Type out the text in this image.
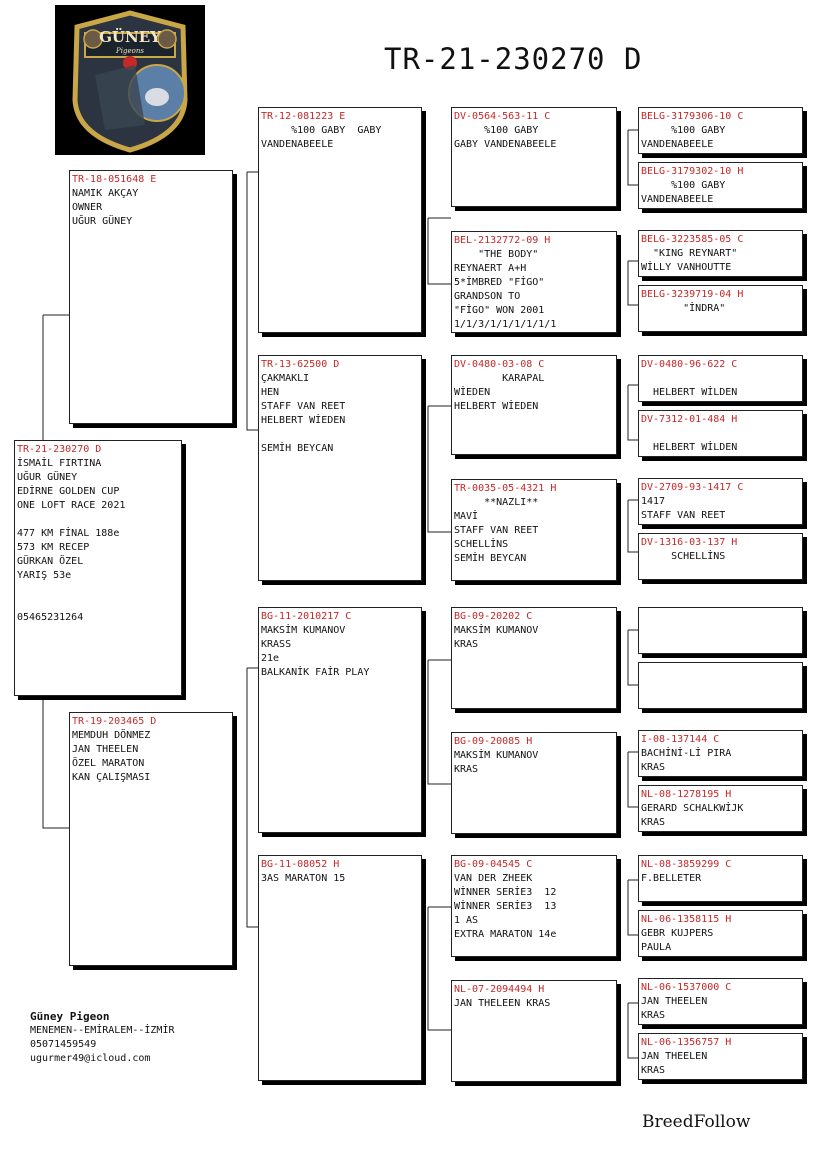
GÜNEY
Pigeons	TR-21-230270 D
TR-21-230270 D
İSMAİL FIRTINA
UĞUR GÜNEY
EDİRNE GOLDEN CUP
ONE LOFT RACE 2021

477 KM FİNAL 188e
573 KM RECEP
GÜRKAN ÖZEL
YARIŞ 53e

05465231264
TR-18-051648 E
NAMIK AKÇAY
OWNER
UĞUR GÜNEY
TR-19-203465 D
MEMDUH DÖNMEZ
JAN THEELEN
ÖZEL MARATON
KAN ÇALIŞMASI
TR-12-081223 E
%100 GABY  GABY
VANDENABEELE
TR-13-62500 D
ÇAKMAKLI
HEN
STAFF VAN REET
HELBERT WİEDEN

SEMİH BEYCAN
BG-11-2010217 C
MAKSİM KUMANOV
KRASS
21e
BALKANİK FAİR PLAY
BG-11-08052 H
3AS MARATON 15
DV-0564-563-11 C
%100 GABY
GABY VANDENABEELE
BEL-2132772-09 H
"THE BODY"
REYNAERT A+H
5*İMBRED "FİGO"
GRANDSON TO
"FİGO" WON 2001
1/1/3/1/1/1/1/1/1
DV-0480-03-08 C
KARAPAL
WİEDEN
HELBERT WİEDEN
TR-0035-05-4321 H
**NAZLI**
MAVİ
STAFF VAN REET
SCHELLİNS
SEMİH BEYCAN
BG-09-20202 C
MAKSİM KUMANOV
KRAS
BG-09-20085 H
MAKSİM KUMANOV
KRAS
BG-09-04545 C
VAN DER ZHEEK
WİNNER SERİE3  12
WİNNER SERİE3  13
1 AS
EXTRA MARATON 14e
NL-07-2094494 H
JAN THELEEN KRAS
BELG-3179306-10 C
%100 GABY
VANDENABEELE
BELG-3179302-10 H
%100 GABY
VANDENABEELE
BELG-3223585-05 C
"KING REYNART"
WİLLY VANHOUTTE
BELG-3239719-04 H
"İNDRA"
DV-0480-96-622 C

HELBERT WİLDEN
DV-7312-01-484 H

HELBERT WİLDEN
DV-2709-93-1417 C
1417
STAFF VAN REET
DV-1316-03-137 H
SCHELLİNS
I-08-137144 C
BACHİNİ-Lİ PIRA
KRAS
NL-08-1278195 H
GERARD SCHALKWİJK
KRAS
NL-08-3859299 C
F.BELLETER
NL-06-1358115 H
GEBR KUJPERS
PAULA
NL-06-1537000 C
JAN THEELEN
KRAS
NL-06-1356757 H
JAN THEELEN
KRAS
Güney Pigeon
MENEMEN--EMİRALEM--İZMİR
05071459549
ugurmer49@icloud.com
BreedFollow
